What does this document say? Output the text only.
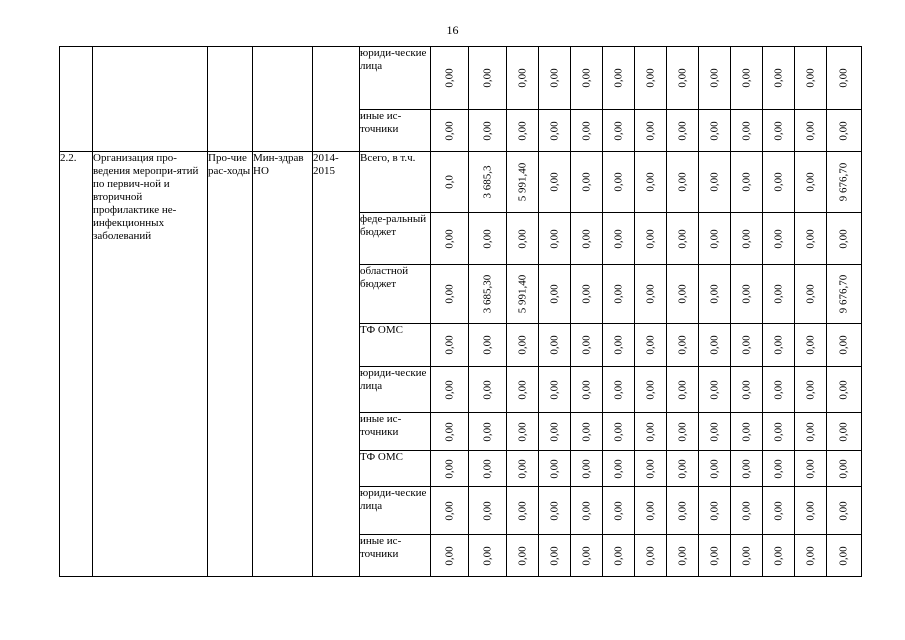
16
					юриди-ческие лица	0,00	0,00	0,00	0,00	0,00	0,00	0,00	0,00	0,00	0,00	0,00	0,00	0,00

					иные ис-точники	0,00	0,00	0,00	0,00	0,00	0,00	0,00	0,00	0,00	0,00	0,00	0,00	0,00

2.2.	Организация про-ведения меропри-ятий по первич-ной и вторичной профилактике не-инфекционных заболеваний	Про-чие рас-ходы	Мин-здрав НО	2014-2015	Всего, в т.ч.	0,0	3 685,3	5 991,40	0,00	0,00	0,00	0,00	0,00	0,00	0,00	0,00	0,00	9 676,70

					феде-ральный бюджет	0,00	0,00	0,00	0,00	0,00	0,00	0,00	0,00	0,00	0,00	0,00	0,00	0,00

					областной бюджет	0,00	3 685,30	5 991,40	0,00	0,00	0,00	0,00	0,00	0,00	0,00	0,00	0,00	9 676,70

					ТФ ОМС	0,00	0,00	0,00	0,00	0,00	0,00	0,00	0,00	0,00	0,00	0,00	0,00	0,00

					юриди-ческие лица	0,00	0,00	0,00	0,00	0,00	0,00	0,00	0,00	0,00	0,00	0,00	0,00	0,00

					иные ис-точники	0,00	0,00	0,00	0,00	0,00	0,00	0,00	0,00	0,00	0,00	0,00	0,00	0,00

					ТФ ОМС	0,00	0,00	0,00	0,00	0,00	0,00	0,00	0,00	0,00	0,00	0,00	0,00	0,00

					юриди-ческие лица	0,00	0,00	0,00	0,00	0,00	0,00	0,00	0,00	0,00	0,00	0,00	0,00	0,00

					иные ис-точники	0,00	0,00	0,00	0,00	0,00	0,00	0,00	0,00	0,00	0,00	0,00	0,00	0,00
